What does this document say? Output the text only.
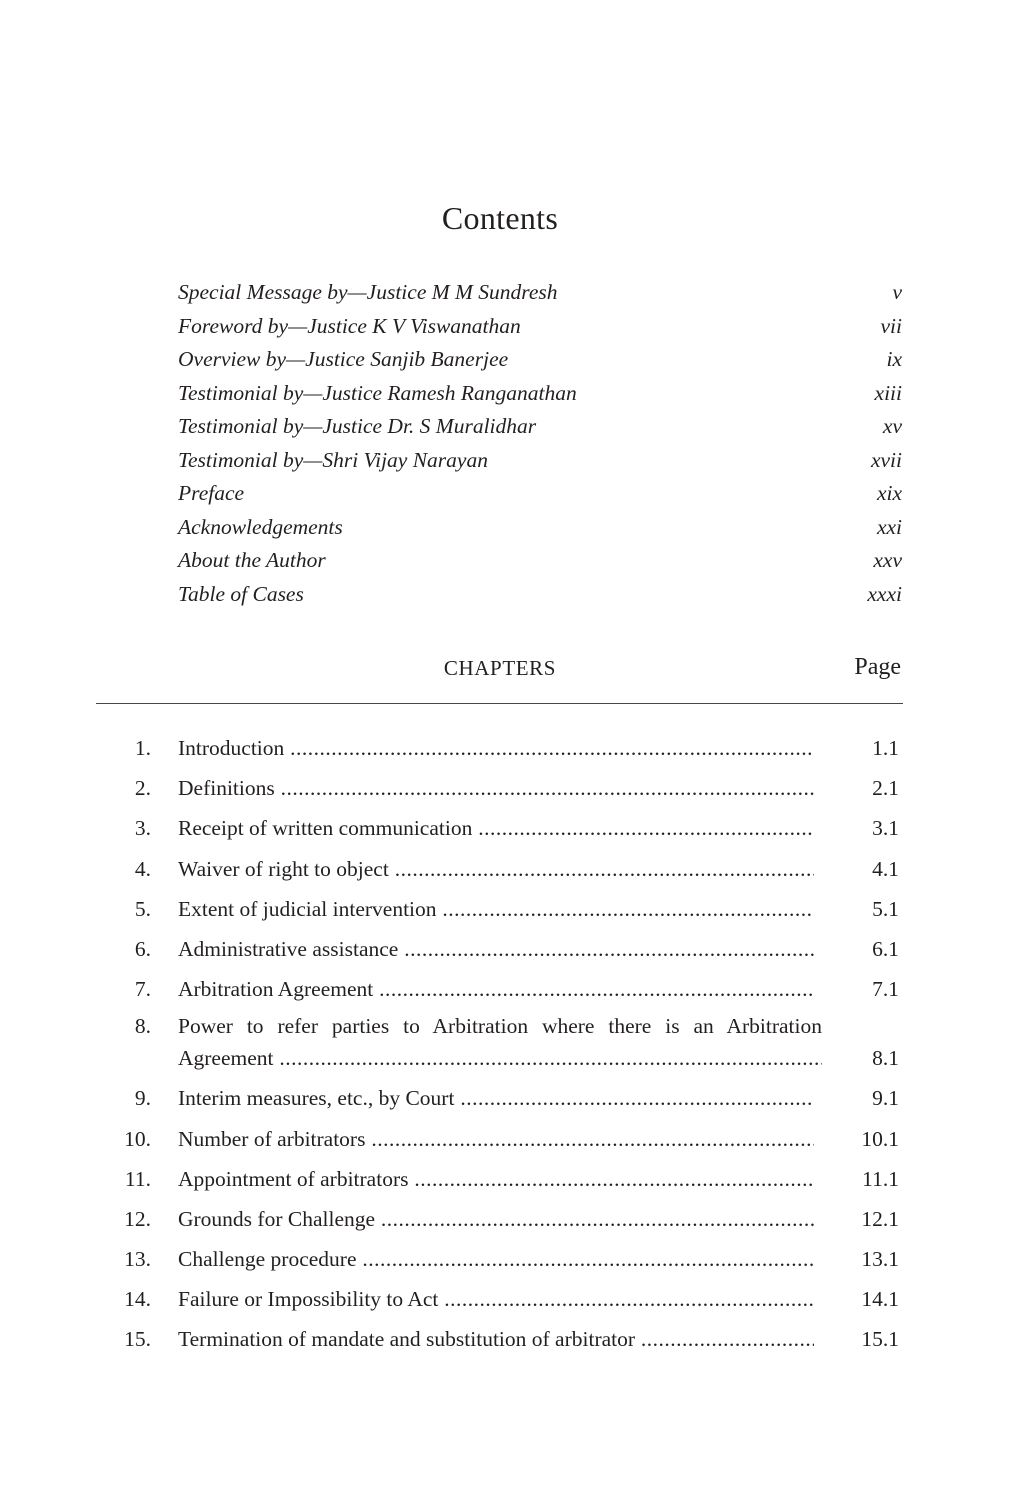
Contents
Special Message by—Justice M M Sundresh	v
Foreword by—Justice K V Viswanathan	vii
Overview by—Justice Sanjib Banerjee	ix
Testimonial by—Justice Ramesh Ranganathan	xiii
Testimonial by—Justice Dr. S Muralidhar	xv
Testimonial by—Shri Vijay Narayan	xvii
Preface	xix
Acknowledgements	xxi
About the Author	xxv
Table of Cases	xxxi
CHAPTERS	Page
1. Introduction .....	1.1
2. Definitions .....	2.1
3. Receipt of written communication .....	3.1
4. Waiver of right to object .....	4.1
5. Extent of judicial intervention .....	5.1
6. Administrative assistance .....	6.1
7. Arbitration Agreement .....	7.1
8. Power to refer parties to Arbitration where there is an Arbitration
Agreement .....	8.1
9. Interim measures, etc., by Court .....	9.1
10. Number of arbitrators .....	10.1
11. Appointment of arbitrators .....	11.1
12. Grounds for Challenge .....	12.1
13. Challenge procedure .....	13.1
14. Failure or Impossibility to Act .....	14.1
15. Termination of mandate and substitution of arbitrator .....	15.1
